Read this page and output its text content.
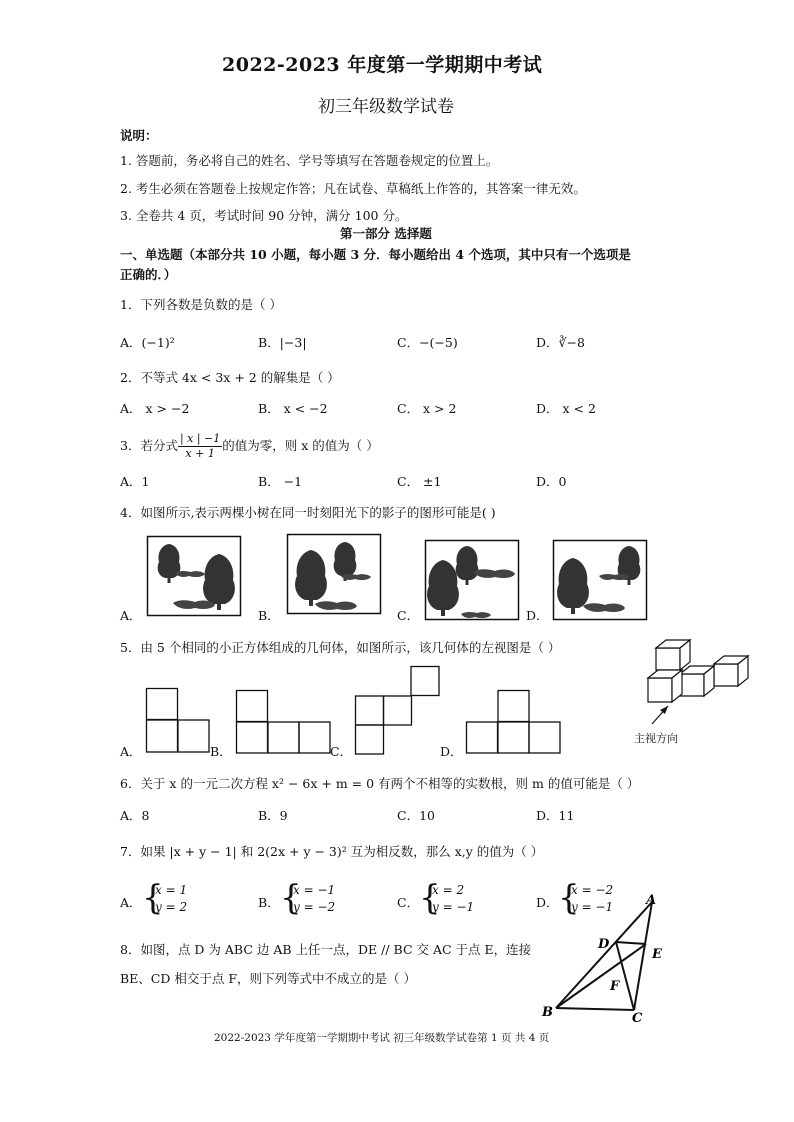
2022-2023 年度第一学期期中考试
初三年级数学试卷
说明：
1. 答题前，务必将自己的姓名、学号等填写在答题卷规定的位置上。
2. 考生必须在答题卷上按规定作答；凡在试卷、草稿纸上作答的，其答案一律无效。
3. 全卷共 4 页，考试时间 90 分钟，满分 100 分。
第一部分 选择题
一、单选题（本部分共 10 小题，每小题 3 分．每小题给出 4 个选项，其中只有一个选项是
正确的．）
1．下列各数是负数的是（ ）
A．(−1)²	B．|−3|	C．−(−5)	D．∛−8
2．不等式 4x < 3x + 2 的解集是（ ）
A． x > −2	B． x < −2	C． x > 2	D． x < 2
3．若分式 $\frac{| x | -1}{x + 1}$ 的值为零，则 x 的值为（ ）
A．1	B． −1	C． ±1	D．0
4．如图所示,表示两棵小树在同一时刻阳光下的影子的图形可能是( )
A．	B．	C．	D．
5．由 5 个相同的小正方体组成的几何体，如图所示，该几何体的左视图是（ ）
A．	B．	C．	D．
主视方向
6．关于 x 的一元二次方程 x² − 6x + m = 0 有两个不相等的实数根，则 m 的值可能是（ ）
A．8	B．9	C．10	D．11
7．如果 |x + y − 1| 和 2(2x + y − 3)² 互为相反数，那么 x,y 的值为（ ）
A． {
x = 1
y = 2	B． {
x = −1
y = −2	C． {
x = 2
y = −1	D． {
x = −2
y = −1
8．如图，点 D 为 ABC 边 AB 上任一点，DE // BC 交 AC 于点 E，连接
BE、CD 相交于点 F，则下列等式中不成立的是（ ）
A
B	C
D
E
F
2022-2023 学年度第一学期期中考试 初三年级数学试卷第 1 页 共 4 页
